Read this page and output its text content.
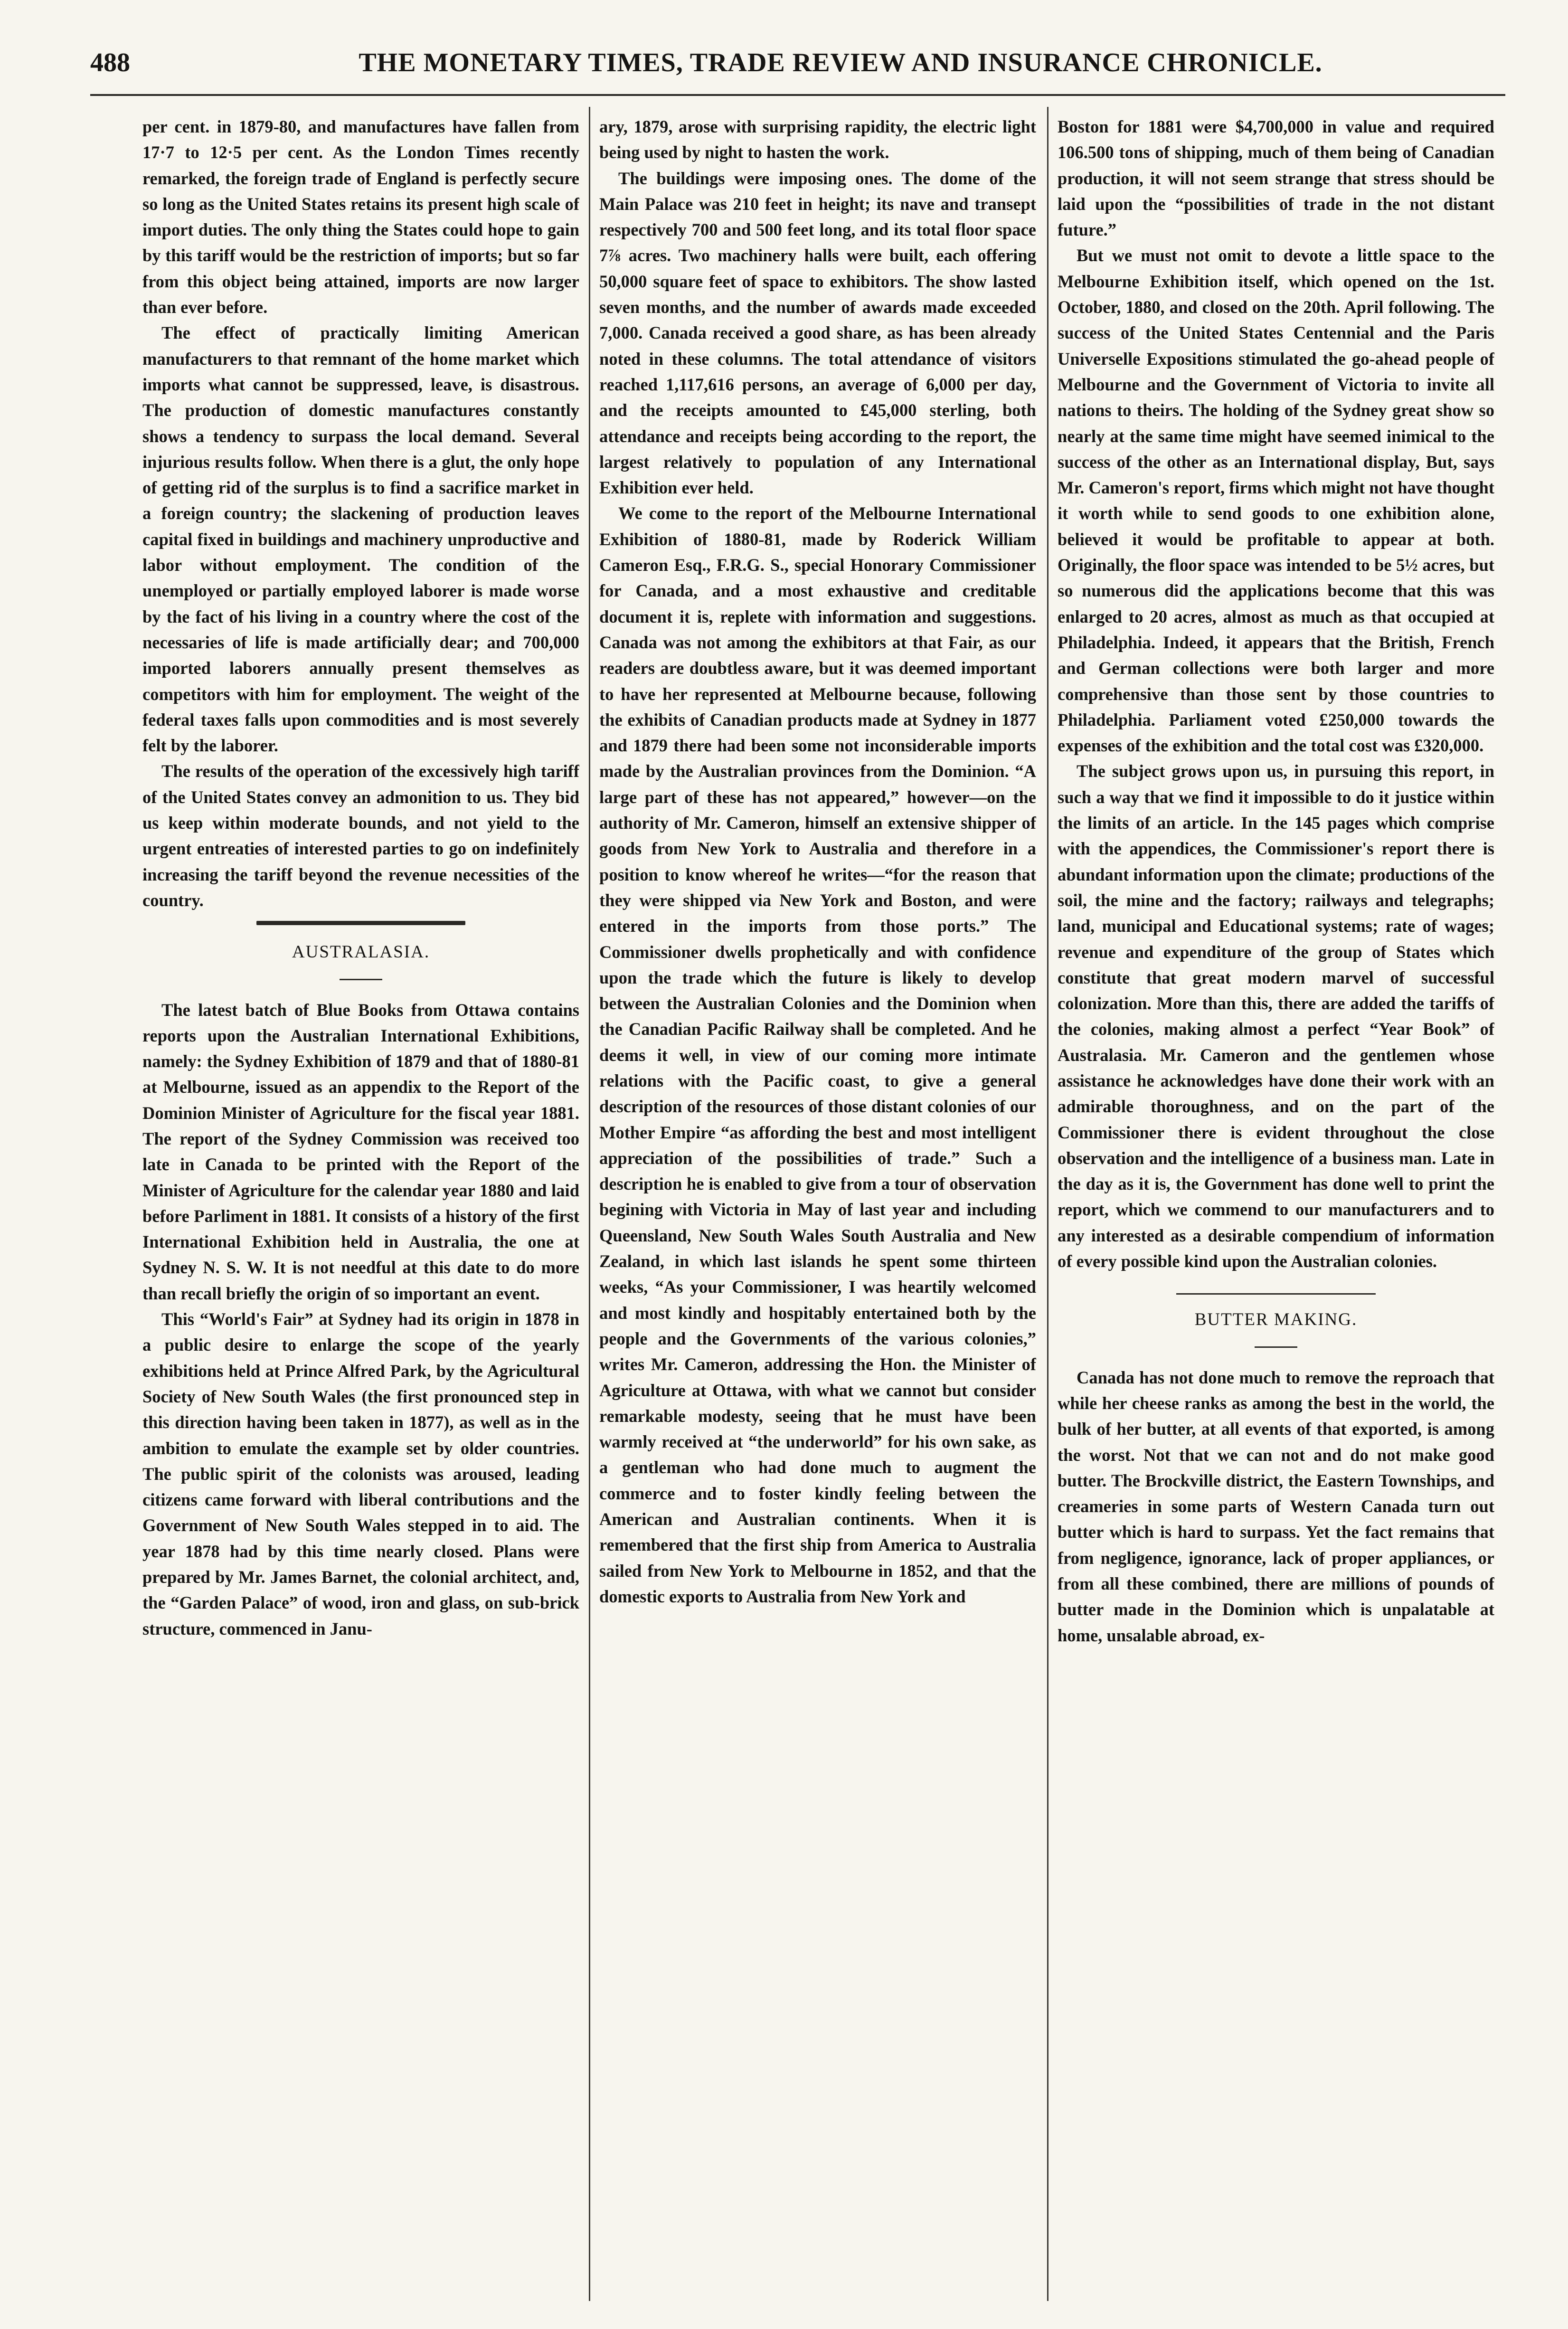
488	THE MONETARY TIMES, TRADE REVIEW AND INSURANCE CHRONICLE.

per cent. in 1879-80, and manufactures have fallen from 17·7 to 12·5 per cent. As the London Times recently remarked, the foreign trade of England is perfectly secure so long as the United States retains its present high scale of import duties. The only thing the States could hope to gain by this tariff would be the restriction of imports; but so far from this object being attained, imports are now larger than ever before.

The effect of practically limiting American manufacturers to that remnant of the home market which imports what cannot be suppressed, leave, is disastrous. The production of domestic manufactures constantly shows a tendency to surpass the local demand. Several injurious results follow. When there is a glut, the only hope of getting rid of the surplus is to find a sacrifice market in a foreign country; the slackening of production leaves capital fixed in buildings and machinery unproductive and labor without employment. The condition of the unemployed or partially employed laborer is made worse by the fact of his living in a country where the cost of the necessaries of life is made artificially dear; and 700,000 imported laborers annually present themselves as competitors with him for employment. The weight of the federal taxes falls upon commodities and is most severely felt by the laborer.

The results of the operation of the excessively high tariff of the United States convey an admonition to us. They bid us keep within moderate bounds, and not yield to the urgent entreaties of interested parties to go on indefinitely increasing the tariff beyond the revenue necessities of the country.

AUSTRALASIA.

The latest batch of Blue Books from Ottawa contains reports upon the Australian International Exhibitions, namely: the Sydney Exhibition of 1879 and that of 1880-81 at Melbourne, issued as an appendix to the Report of the Dominion Minister of Agriculture for the fiscal year 1881. The report of the Sydney Commission was received too late in Canada to be printed with the Report of the Minister of Agriculture for the calendar year 1880 and laid before Parliment in 1881. It consists of a history of the first International Exhibition held in Australia, the one at Sydney N. S. W. It is not needful at this date to do more than recall briefly the origin of so important an event.

This “World's Fair” at Sydney had its origin in 1878 in a public desire to enlarge the scope of the yearly exhibitions held at Prince Alfred Park, by the Agricultural Society of New South Wales (the first pronounced step in this direction having been taken in 1877), as well as in the ambition to emulate the example set by older countries. The public spirit of the colonists was aroused, leading citizens came forward with liberal contributions and the Government of New South Wales stepped in to aid. The year 1878 had by this time nearly closed. Plans were prepared by Mr. James Barnet, the colonial architect, and, the “Garden Palace” of wood, iron and glass, on sub-brick structure, commenced in Janu-

ary, 1879, arose with surprising rapidity, the electric light being used by night to hasten the work.

The buildings were imposing ones. The dome of the Main Palace was 210 feet in height; its nave and transept respectively 700 and 500 feet long, and its total floor space 7⅞ acres. Two machinery halls were built, each offering 50,000 square feet of space to exhibitors. The show lasted seven months, and the number of awards made exceeded 7,000. Canada received a good share, as has been already noted in these columns. The total attendance of visitors reached 1,117,616 persons, an average of 6,000 per day, and the receipts amounted to £45,000 sterling, both attendance and receipts being according to the report, the largest relatively to population of any International Exhibition ever held.

We come to the report of the Melbourne International Exhibition of 1880-81, made by Roderick William Cameron Esq., F.R.G. S., special Honorary Commissioner for Canada, and a most exhaustive and creditable document it is, replete with information and suggestions. Canada was not among the exhibitors at that Fair, as our readers are doubtless aware, but it was deemed important to have her represented at Melbourne because, following the exhibits of Canadian products made at Sydney in 1877 and 1879 there had been some not inconsiderable imports made by the Australian provinces from the Dominion. “A large part of these has not appeared,” however—on the authority of Mr. Cameron, himself an extensive shipper of goods from New York to Australia and therefore in a position to know whereof he writes—“for the reason that they were shipped via New York and Boston, and were entered in the imports from those ports.” The Commissioner dwells prophetically and with confidence upon the trade which the future is likely to develop between the Australian Colonies and the Dominion when the Canadian Pacific Railway shall be completed. And he deems it well, in view of our coming more intimate relations with the Pacific coast, to give a general description of the resources of those distant colonies of our Mother Empire “as affording the best and most intelligent appreciation of the possibilities of trade.” Such a description he is enabled to give from a tour of observation begining with Victoria in May of last year and including Queensland, New South Wales South Australia and New Zealand, in which last islands he spent some thirteen weeks, “As your Commissioner, I was heartily welcomed and most kindly and hospitably entertained both by the people and the Governments of the various colonies,” writes Mr. Cameron, addressing the Hon. the Minister of Agriculture at Ottawa, with what we cannot but consider remarkable modesty, seeing that he must have been warmly received at “the underworld” for his own sake, as a gentleman who had done much to augment the commerce and to foster kindly feeling between the American and Australian continents. When it is remembered that the first ship from America to Australia sailed from New York to Melbourne in 1852, and that the domestic exports to Australia from New York and

Boston for 1881 were $4,700,000 in value and required 106.500 tons of shipping, much of them being of Canadian production, it will not seem strange that stress should be laid upon the “possibilities of trade in the not distant future.”

But we must not omit to devote a little space to the Melbourne Exhibition itself, which opened on the 1st. October, 1880, and closed on the 20th. April following. The success of the United States Centennial and the Paris Universelle Expositions stimulated the go-ahead people of Melbourne and the Government of Victoria to invite all nations to theirs. The holding of the Sydney great show so nearly at the same time might have seemed inimical to the success of the other as an International display, But, says Mr. Cameron's report, firms which might not have thought it worth while to send goods to one exhibition alone, believed it would be profitable to appear at both. Originally, the floor space was intended to be 5½ acres, but so numerous did the applications become that this was enlarged to 20 acres, almost as much as that occupied at Philadelphia. Indeed, it appears that the British, French and German collections were both larger and more comprehensive than those sent by those countries to Philadelphia. Parliament voted £250,000 towards the expenses of the exhibition and the total cost was £320,000.

The subject grows upon us, in pursuing this report, in such a way that we find it impossible to do it justice within the limits of an article. In the 145 pages which comprise with the appendices, the Commissioner's report there is abundant information upon the climate; productions of the soil, the mine and the factory; railways and telegraphs; land, municipal and Educational systems; rate of wages; revenue and expenditure of the group of States which constitute that great modern marvel of successful colonization. More than this, there are added the tariffs of the colonies, making almost a perfect “Year Book” of Australasia. Mr. Cameron and the gentlemen whose assistance he acknowledges have done their work with an admirable thoroughness, and on the part of the Commissioner there is evident throughout the close observation and the intelligence of a business man. Late in the day as it is, the Government has done well to print the report, which we commend to our manufacturers and to any interested as a desirable compendium of information of every possible kind upon the Australian colonies.

BUTTER MAKING.

Canada has not done much to remove the reproach that while her cheese ranks as among the best in the world, the bulk of her butter, at all events of that exported, is among the worst. Not that we can not and do not make good butter. The Brockville district, the Eastern Townships, and creameries in some parts of Western Canada turn out butter which is hard to surpass. Yet the fact remains that from negligence, ignorance, lack of proper appliances, or from all these combined, there are millions of pounds of butter made in the Dominion which is unpalatable at home, unsalable abroad, ex-
